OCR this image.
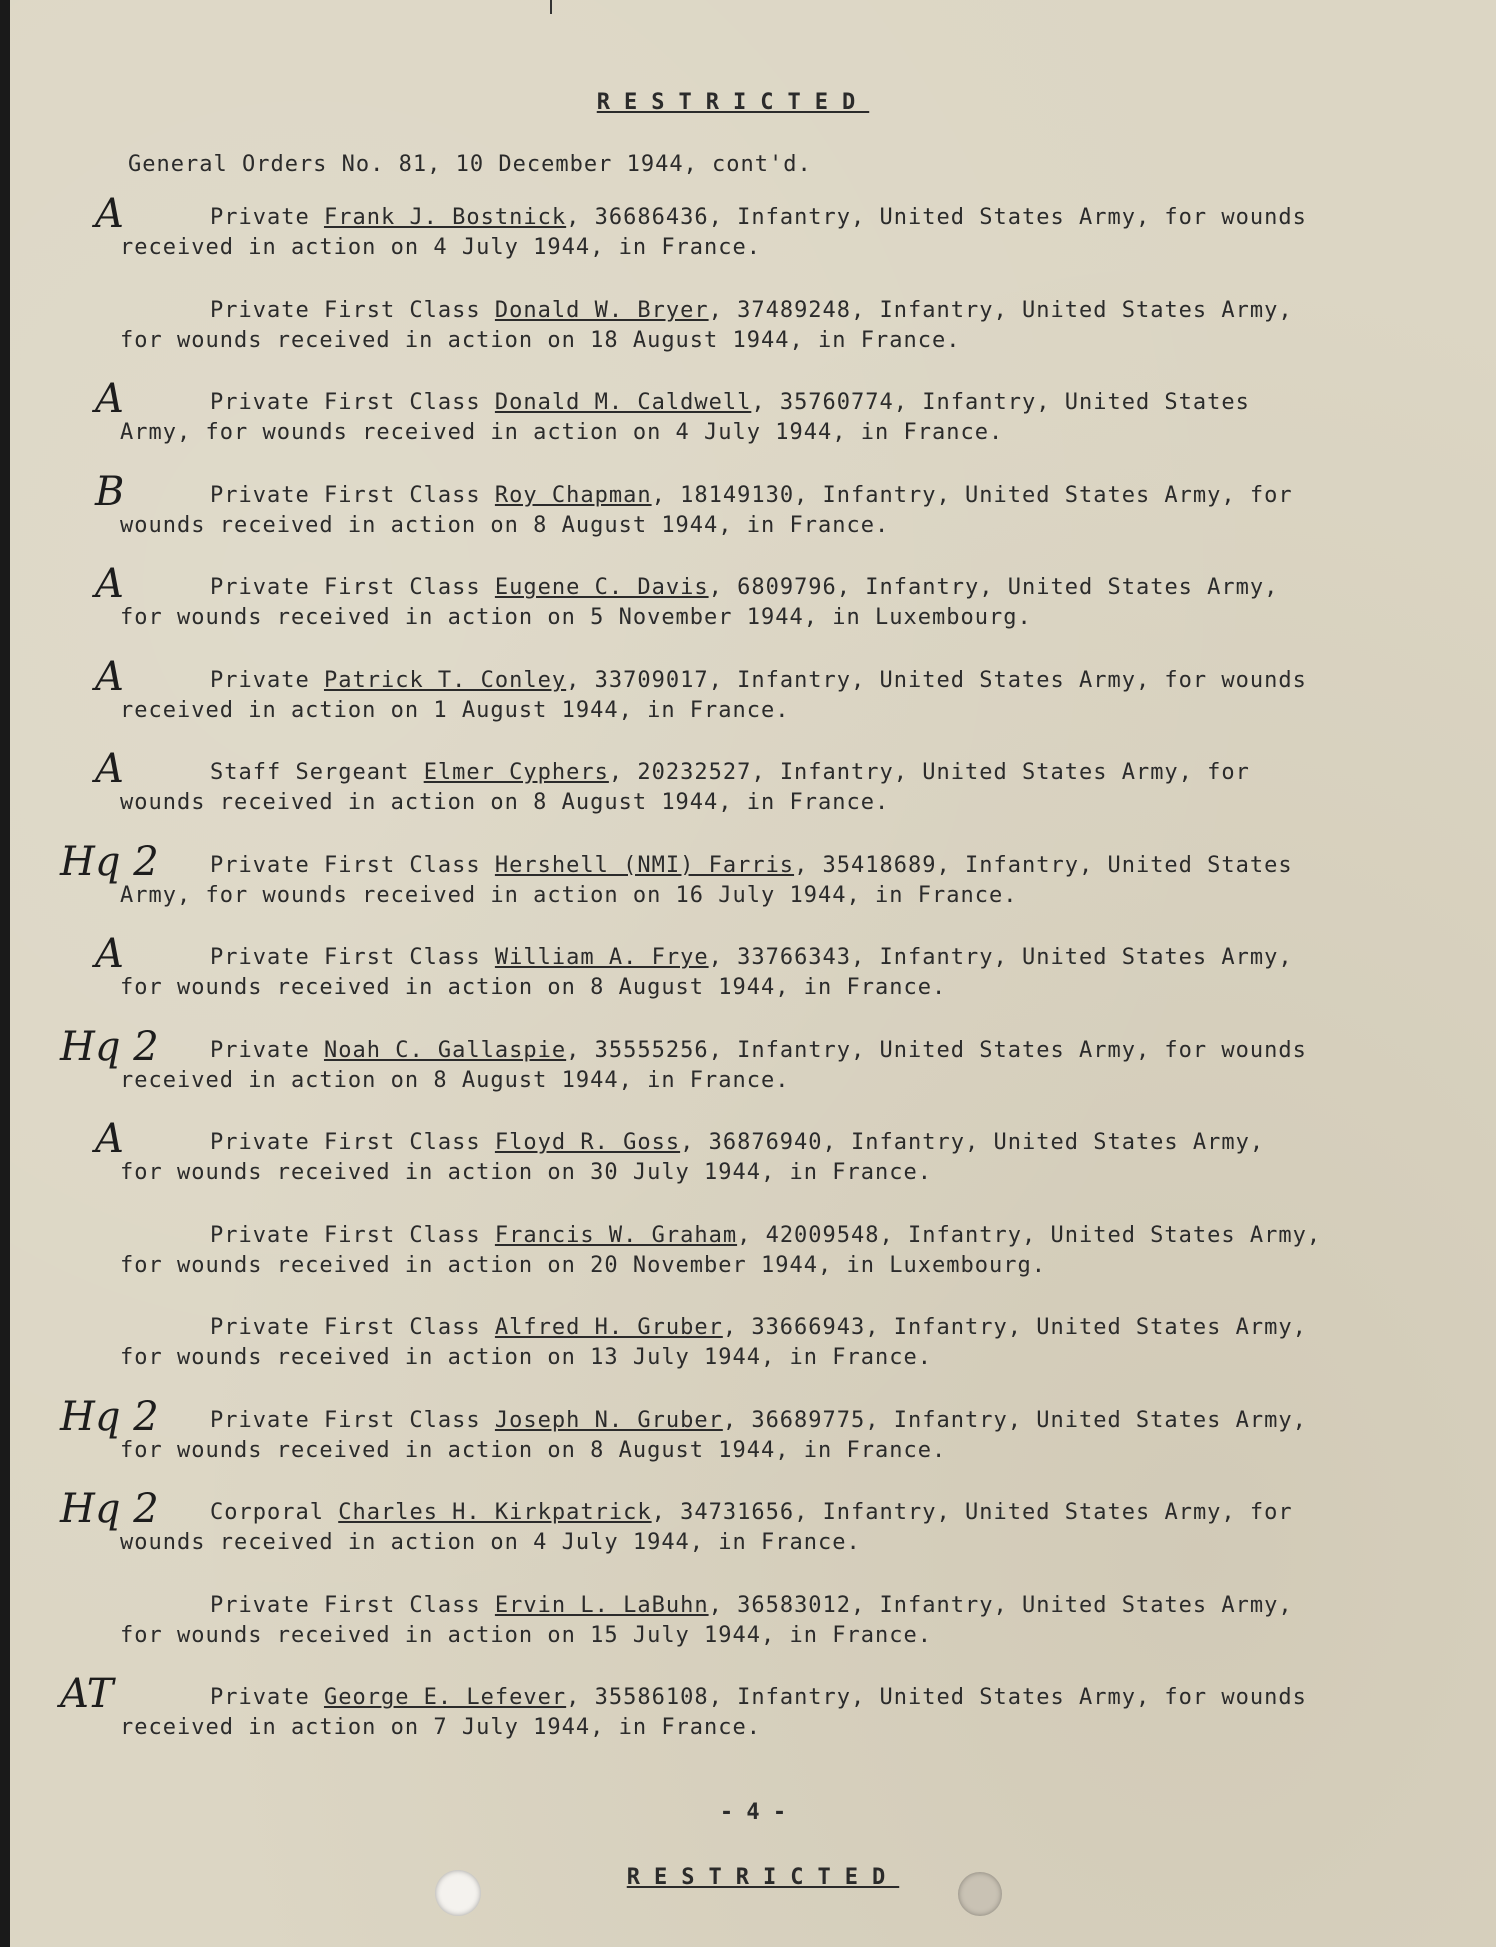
RESTRICTED
General Orders No. 81, 10 December 1944, cont'd.
Private Frank J. Bostnick, 36686436, Infantry, United States Army, for wounds
received in action on 4 July 1944, in France.
A
Private First Class Donald W. Bryer, 37489248, Infantry, United States Army,
for wounds received in action on 18 August 1944, in France.
Private First Class Donald M. Caldwell, 35760774, Infantry, United States
Army, for wounds received in action on 4 July 1944, in France.
A
Private First Class Roy Chapman, 18149130, Infantry, United States Army, for
wounds received in action on 8 August 1944, in France.
B
Private First Class Eugene C. Davis, 6809796, Infantry, United States Army,
for wounds received in action on 5 November 1944, in Luxembourg.
A
Private Patrick T. Conley, 33709017, Infantry, United States Army, for wounds
received in action on 1 August 1944, in France.
A
Staff Sergeant Elmer Cyphers, 20232527, Infantry, United States Army, for
wounds received in action on 8 August 1944, in France.
A
Private First Class Hershell (NMI) Farris, 35418689, Infantry, United States
Army, for wounds received in action on 16 July 1944, in France.
Hq 2
Private First Class William A. Frye, 33766343, Infantry, United States Army,
for wounds received in action on 8 August 1944, in France.
A
Private Noah C. Gallaspie, 35555256, Infantry, United States Army, for wounds
received in action on 8 August 1944, in France.
Hq 2
Private First Class Floyd R. Goss, 36876940, Infantry, United States Army,
for wounds received in action on 30 July 1944, in France.
A
Private First Class Francis W. Graham, 42009548, Infantry, United States Army,
for wounds received in action on 20 November 1944, in Luxembourg.
Private First Class Alfred H. Gruber, 33666943, Infantry, United States Army,
for wounds received in action on 13 July 1944, in France.
Private First Class Joseph N. Gruber, 36689775, Infantry, United States Army,
for wounds received in action on 8 August 1944, in France.
Hq 2
Corporal Charles H. Kirkpatrick, 34731656, Infantry, United States Army, for
wounds received in action on 4 July 1944, in France.
Hq 2
Private First Class Ervin L. LaBuhn, 36583012, Infantry, United States Army,
for wounds received in action on 15 July 1944, in France.
Private George E. Lefever, 35586108, Infantry, United States Army, for wounds
received in action on 7 July 1944, in France.
AT
- 4 -
RESTRICTED
